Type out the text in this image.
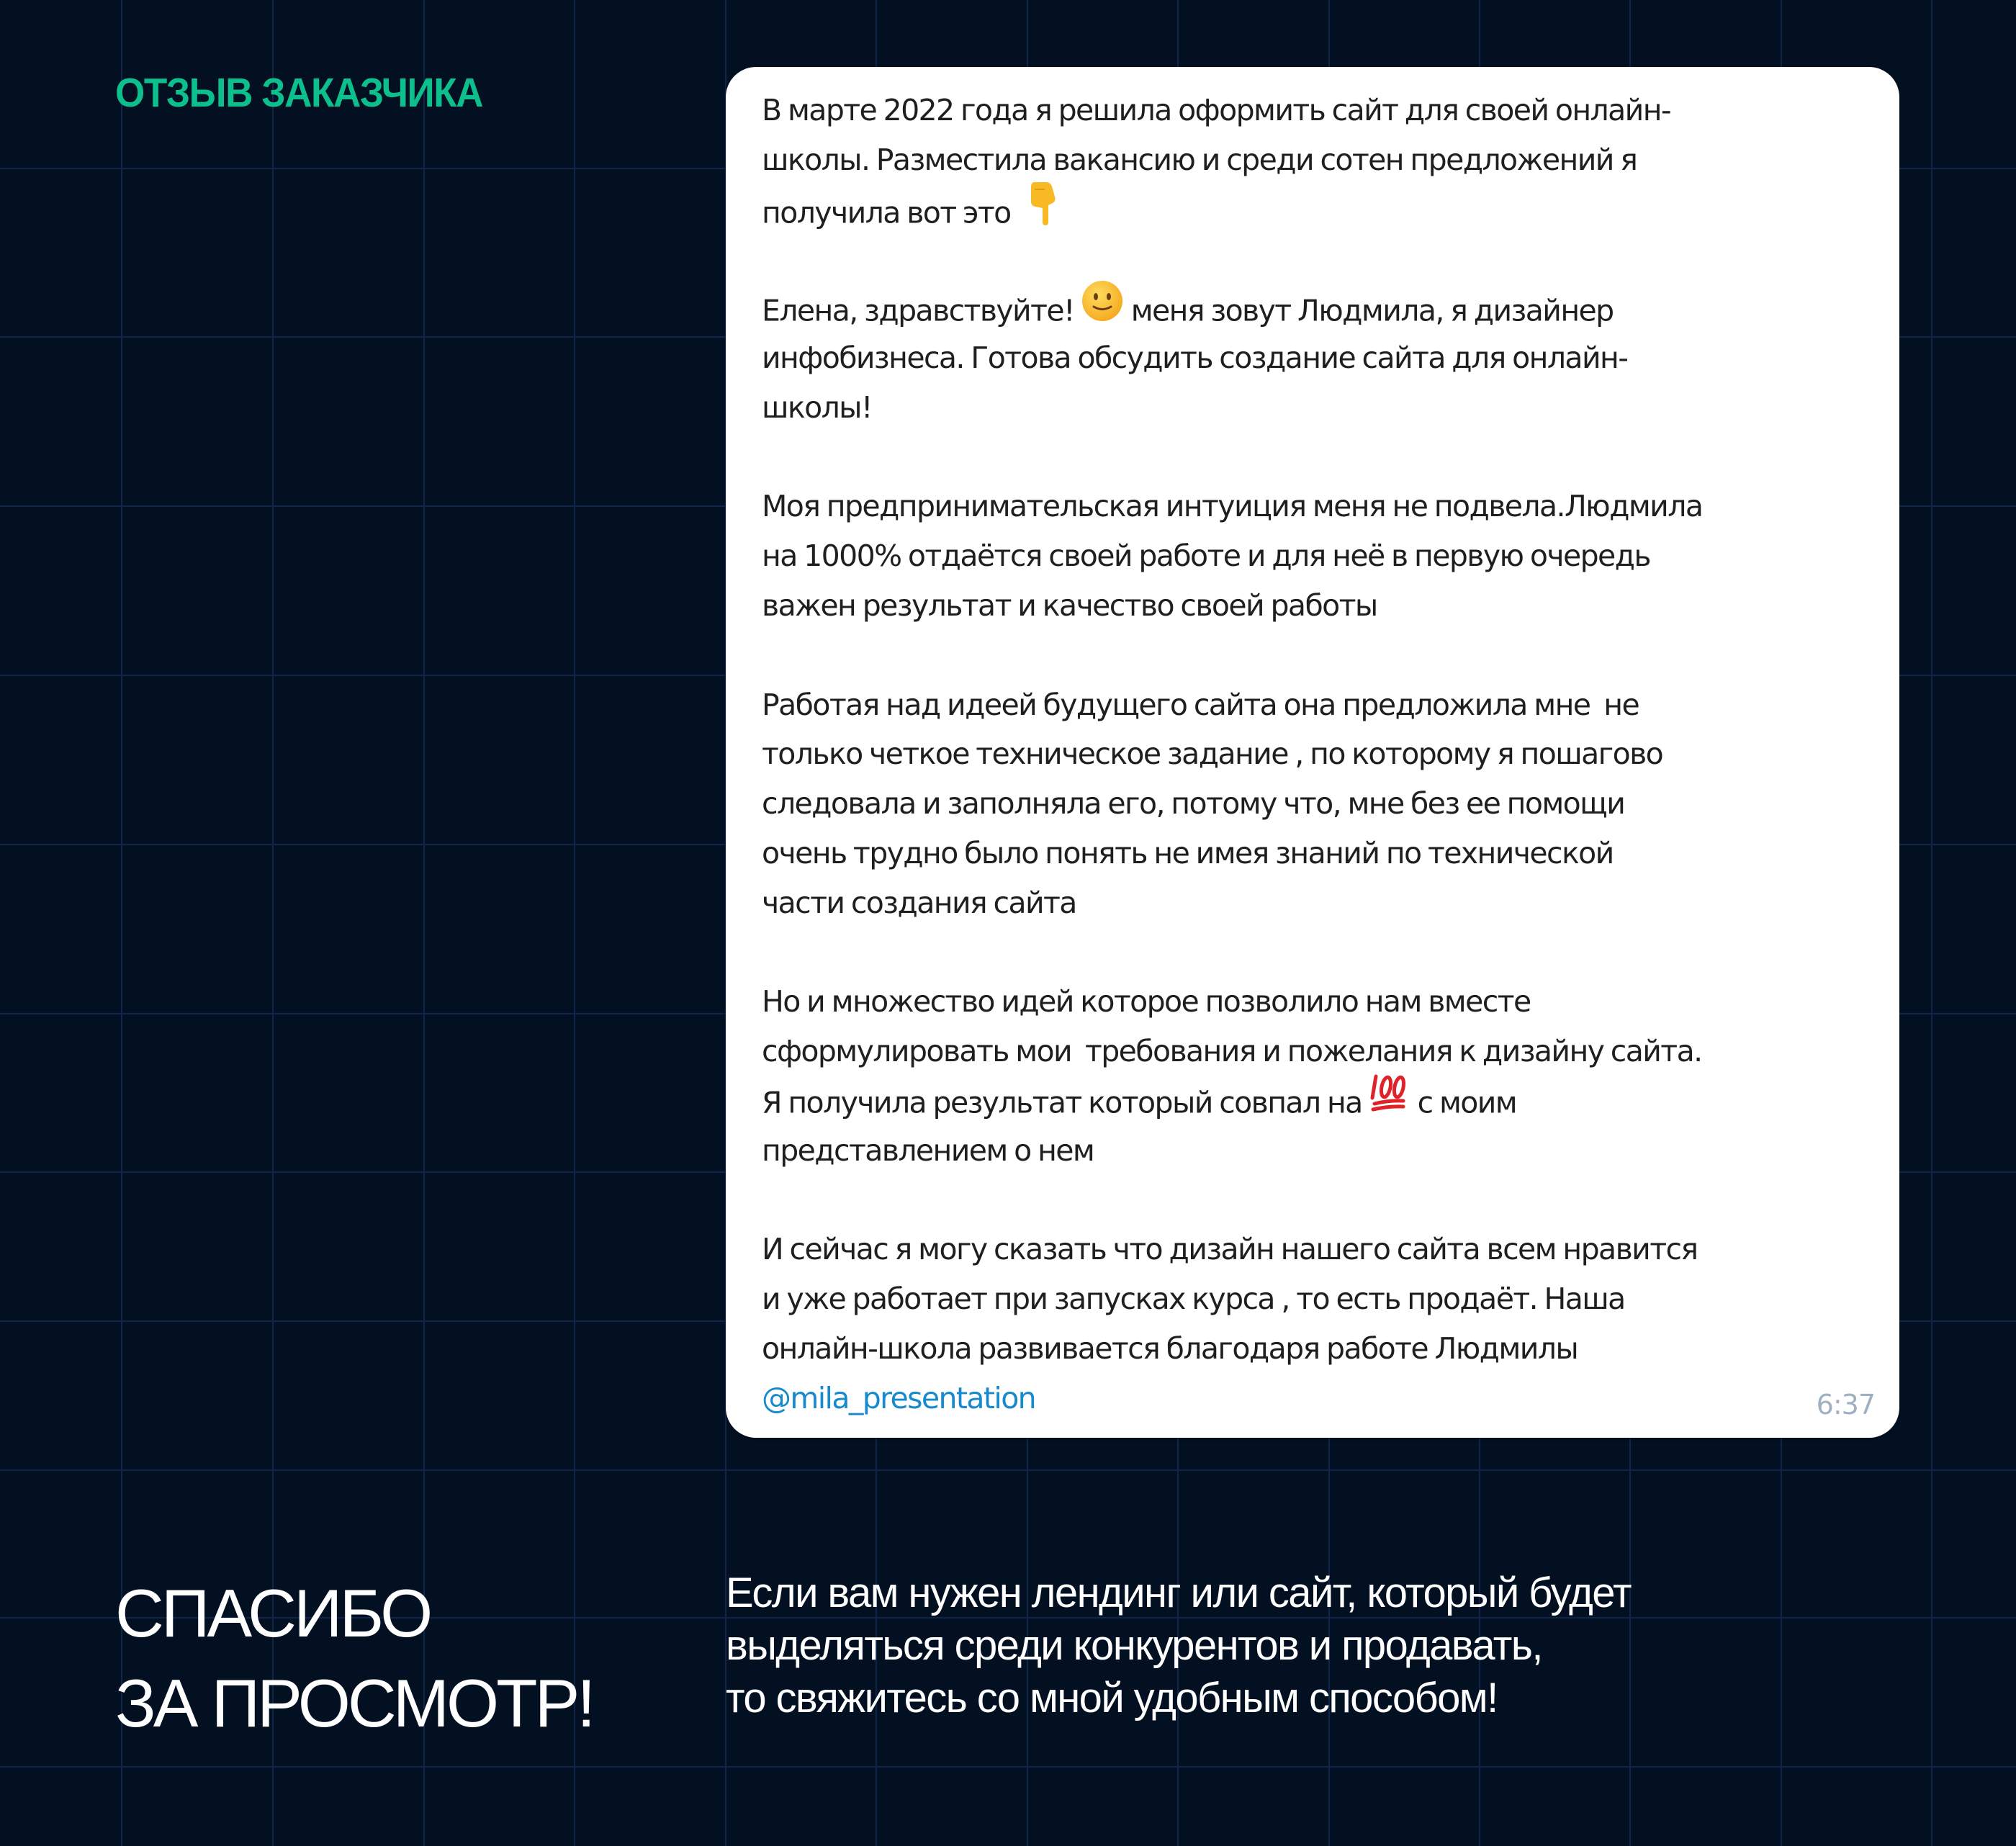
ОТЗЫВ ЗАКАЗЧИКА	В марте 2022 года я решила оформить сайт для своей онлайн-
школы. Разместила вакансию и среди сотен предложений я
получила вот это
Елена, здравствуйте!  меня зовут Людмила, я дизайнер
инфобизнеса. Готова обсудить создание сайта для онлайн-
школы!
Моя предпринимательская интуиция меня не подвела.Людмила
на 1000% отдаётся своей работе и для неё в первую очередь
важен результат и качество своей работы
Работая над идеей будущего сайта она предложила мне  не
только четкое техническое задание , по которому я пошагово
следовала и заполняла его, потому что, мне без ее помощи
очень трудно было понять не имея знаний по технической
части создания сайта
Но и множество идей которое позволило нам вместе
сформулировать мои  требования и пожелания к дизайну сайта.
Я получила результат который совпал на  с моим
представлением о нем
И сейчас я могу сказать что дизайн нашего сайта всем нравится
и уже работает при запусках курса , то есть продаёт. Наша
онлайн-школа развивается благодаря работе Людмилы
@mila_presentation	6:37
СПАСИБО
ЗА ПРОСМОТР!
Если вам нужен лендинг или сайт, который будет
выделяться среди конкурентов и продавать,
то свяжитесь со мной удобным способом!
